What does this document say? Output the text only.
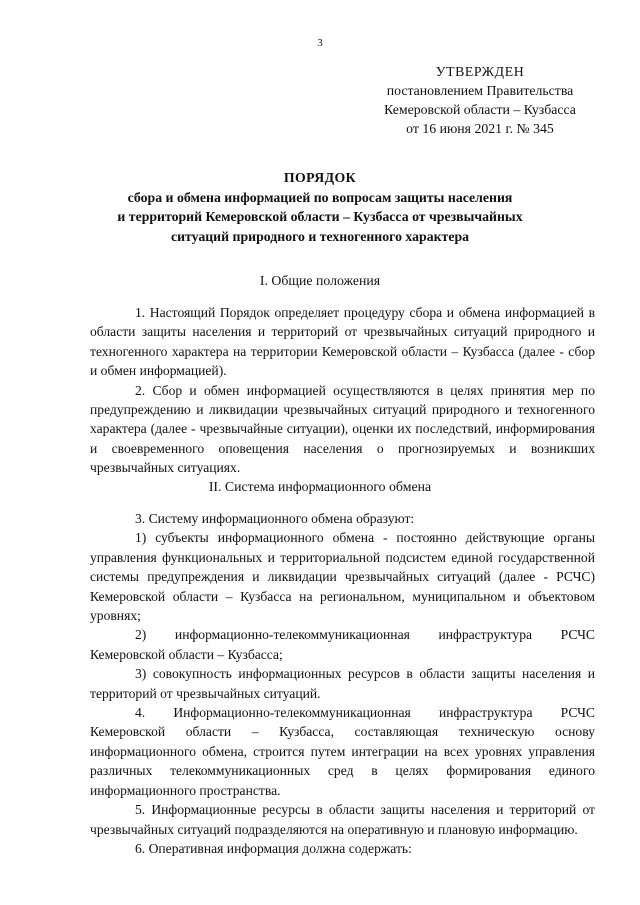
3
УТВЕРЖДЕН
постановлением Правительства
Кемеровской области – Кузбасса
от 16 июня 2021 г. № 345
ПОРЯДОК
сбора и обмена информацией по вопросам защиты населения
и территорий Кемеровской области – Кузбасса от чрезвычайных
ситуаций природного и техногенного характера
I. Общие положения

1. Настоящий Порядок определяет процедуру сбора и обмена информацией в области защиты населения и территорий от чрезвычайных ситуаций природного и техногенного характера на территории Кемеровской области – Кузбасса (далее - сбор и обмен информацией).

2. Сбор и обмен информацией осуществляются в целях принятия мер по предупреждению и ликвидации чрезвычайных ситуаций природного и техногенного характера (далее - чрезвычайные ситуации), оценки их последствий, информирования и своевременного оповещения населения о прогнозируемых и возникших чрезвычайных ситуациях.

II. Система информационного обмена

3. Систему информационного обмена образуют:

1) субъекты информационного обмена - постоянно действующие органы управления функциональных и территориальной подсистем единой государственной системы предупреждения и ликвидации чрезвычайных ситуаций (далее - РСЧС) Кемеровской области – Кузбасса на региональном, муниципальном и объектовом уровнях;

2) информационно-телекоммуникационная инфраструктура РСЧС Кемеровской области – Кузбасса;

3) совокупность информационных ресурсов в области защиты населения и территорий от чрезвычайных ситуаций.

4. Информационно-телекоммуникационная инфраструктура РСЧС Кемеровской области – Кузбасса, составляющая техническую основу информационного обмена, строится путем интеграции на всех уровнях управления различных телекоммуникационных сред в целях формирования единого информационного пространства.

5. Информационные ресурсы в области защиты населения и территорий от чрезвычайных ситуаций подразделяются на оперативную и плановую информацию.

6. Оперативная информация должна содержать:
